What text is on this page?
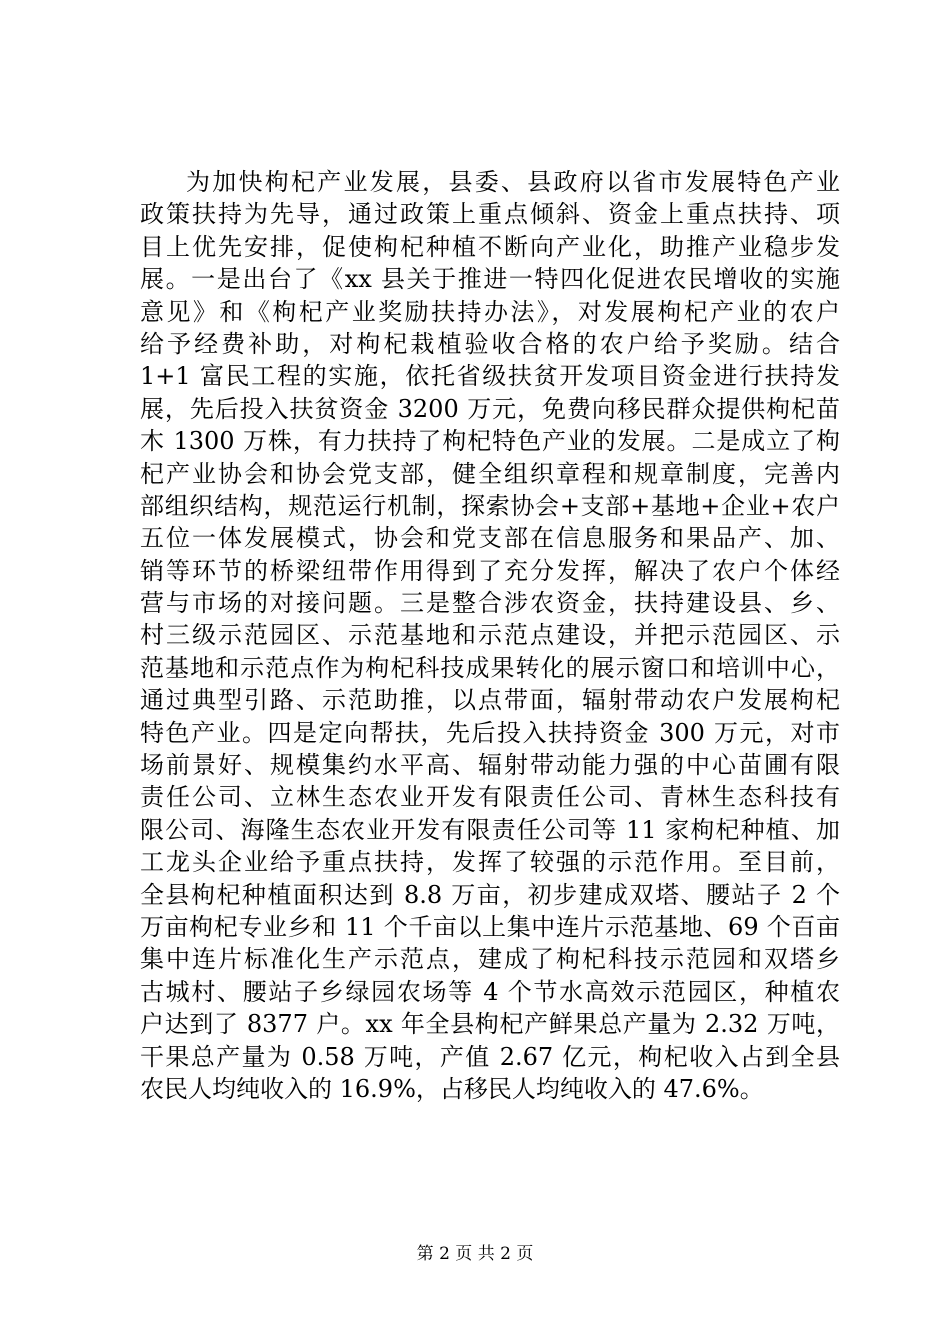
为加快枸杞产业发展，县委、县政府以省市发展特色产业
政策扶持为先导，通过政策上重点倾斜、资金上重点扶持、项
目上优先安排，促使枸杞种植不断向产业化，助推产业稳步发
展。一是出台了《xx 县关于推进一特四化促进农民增收的实施
意见》和《枸杞产业奖励扶持办法》，对发展枸杞产业的农户
给予经费补助，对枸杞栽植验收合格的农户给予奖励。结合
1+1 富民工程的实施，依托省级扶贫开发项目资金进行扶持发
展，先后投入扶贫资金 3200 万元，免费向移民群众提供枸杞苗
木 1300 万株，有力扶持了枸杞特色产业的发展。二是成立了枸
杞产业协会和协会党支部，健全组织章程和规章制度，完善内
部组织结构，规范运行机制，探索协会+支部+基地+企业+农户
五位一体发展模式，协会和党支部在信息服务和果品产、加、
销等环节的桥梁纽带作用得到了充分发挥，解决了农户个体经
营与市场的对接问题。三是整合涉农资金，扶持建设县、乡、
村三级示范园区、示范基地和示范点建设，并把示范园区、示
范基地和示范点作为枸杞科技成果转化的展示窗口和培训中心，
通过典型引路、示范助推，以点带面，辐射带动农户发展枸杞
特色产业。四是定向帮扶，先后投入扶持资金 300 万元，对市
场前景好、规模集约水平高、辐射带动能力强的中心苗圃有限
责任公司、立林生态农业开发有限责任公司、青林生态科技有
限公司、海隆生态农业开发有限责任公司等 11 家枸杞种植、加
工龙头企业给予重点扶持，发挥了较强的示范作用。至目前，
全县枸杞种植面积达到 8.8 万亩，初步建成双塔、腰站子 2 个
万亩枸杞专业乡和 11 个千亩以上集中连片示范基地、69 个百亩
集中连片标准化生产示范点，建成了枸杞科技示范园和双塔乡
古城村、腰站子乡绿园农场等 4 个节水高效示范园区，种植农
户达到了 8377 户。xx 年全县枸杞产鲜果总产量为 2.32 万吨，
干果总产量为 0.58 万吨，产值 2.67 亿元，枸杞收入占到全县
农民人均纯收入的 16.9%，占移民人均纯收入的 47.6%。
第 2 页 共 2 页
